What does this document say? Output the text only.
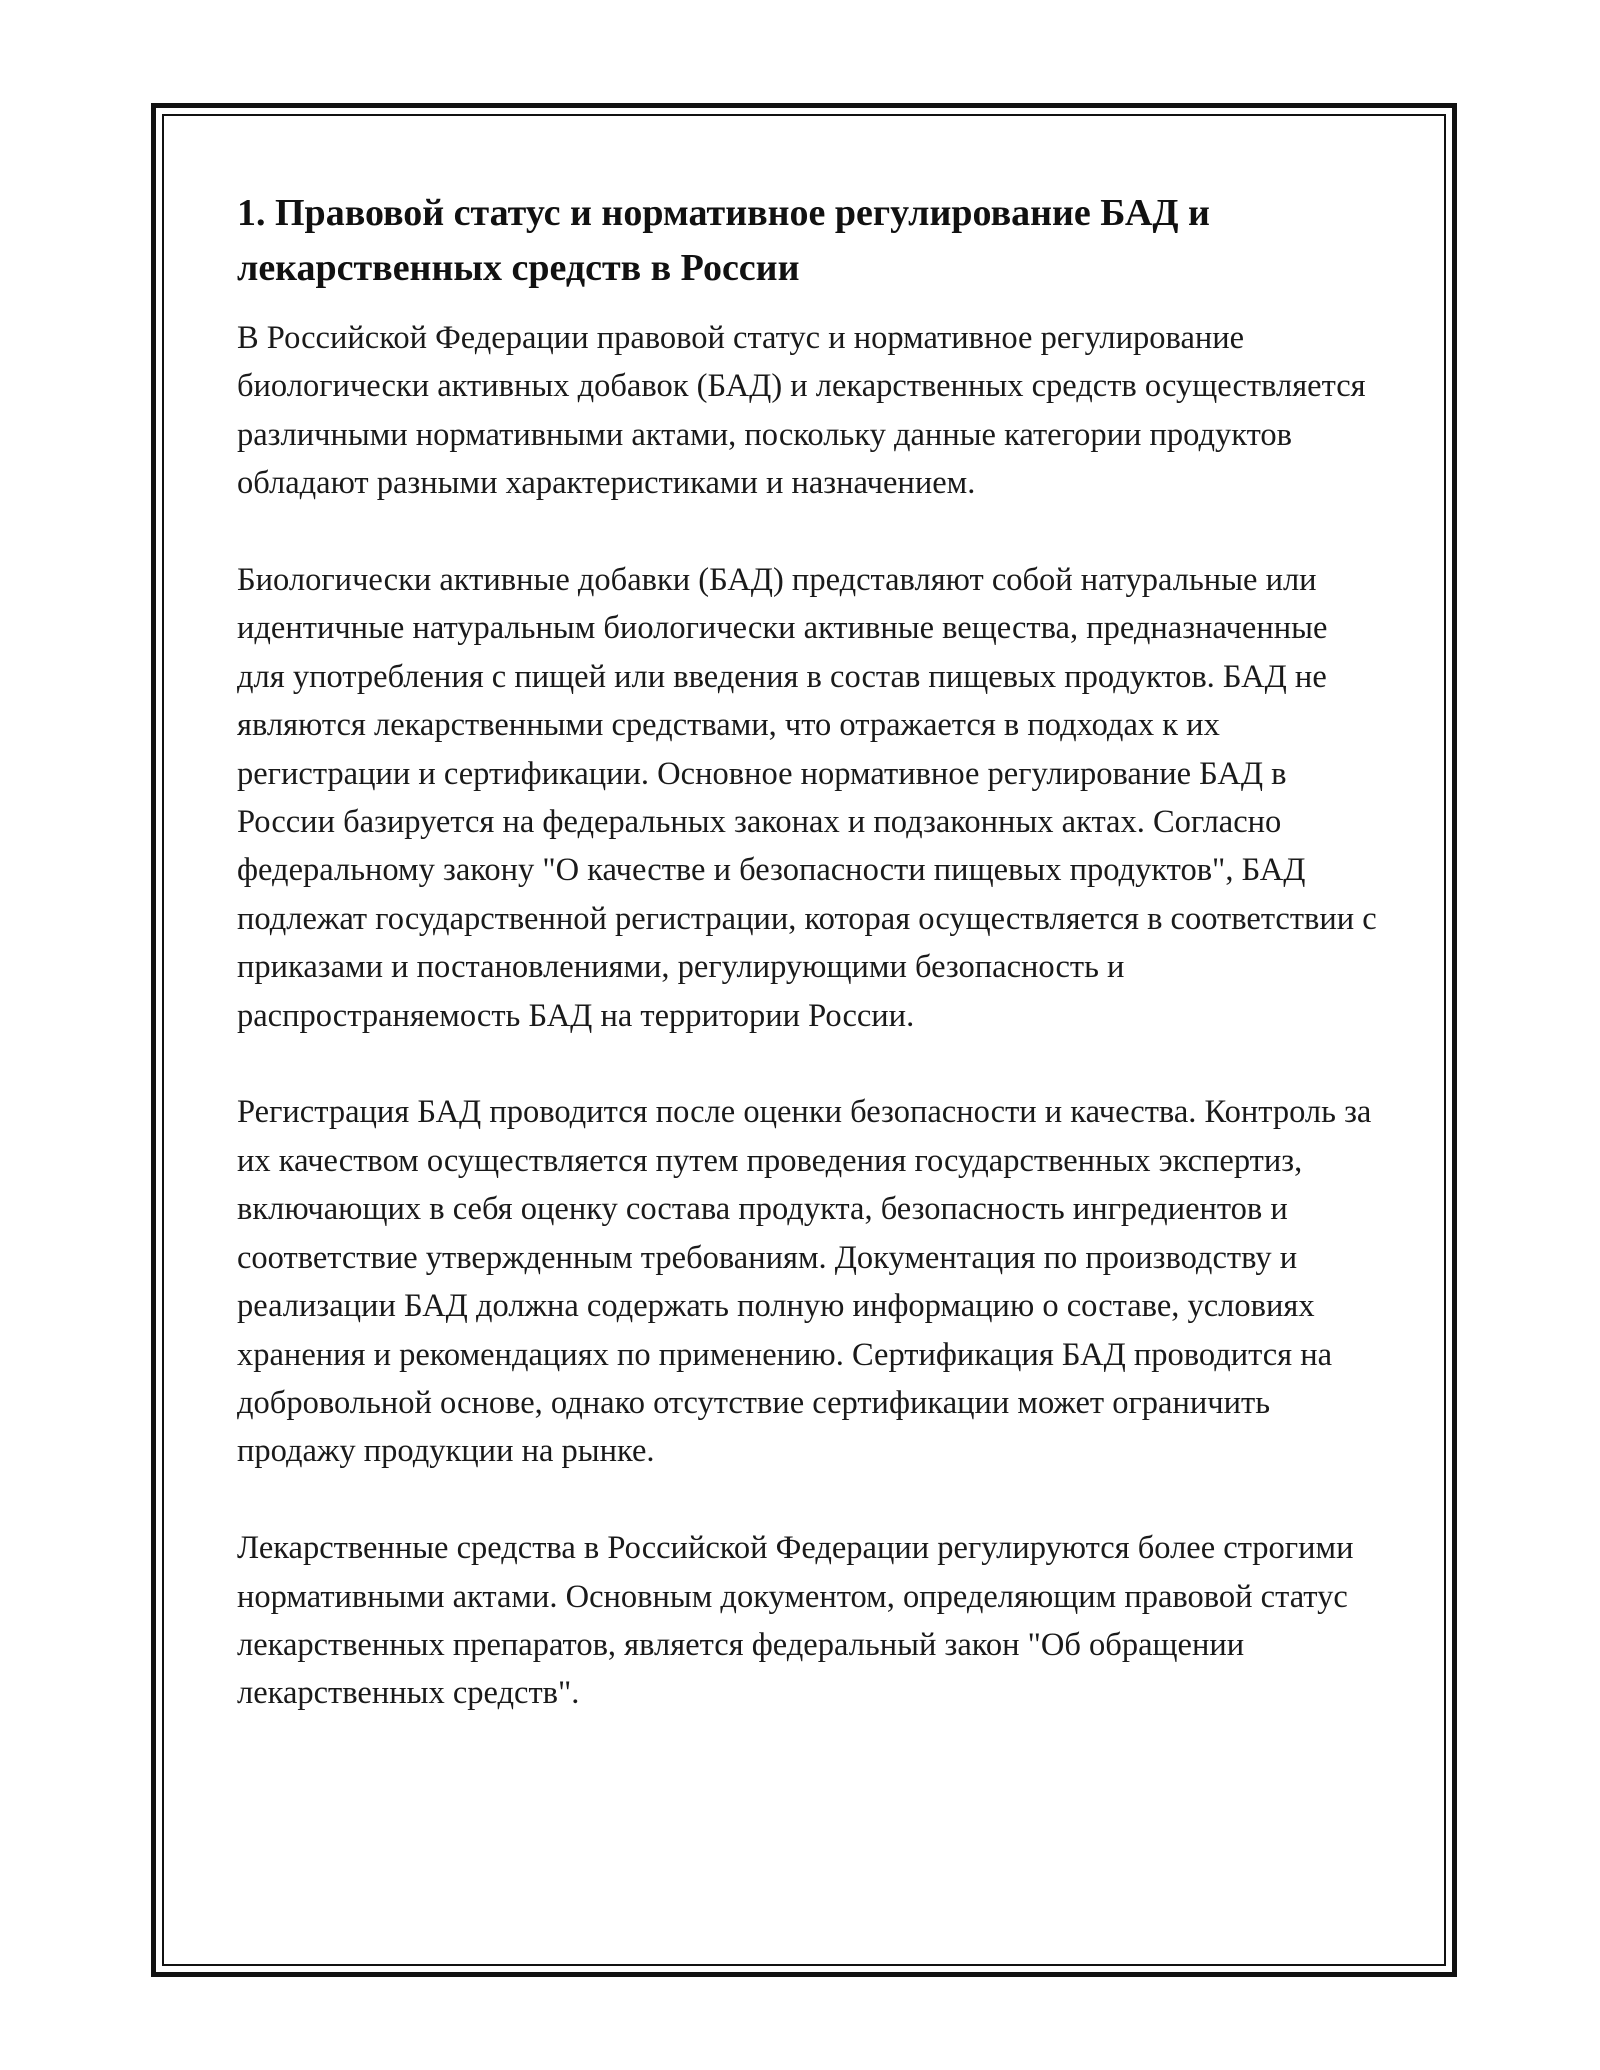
1. Правовой статус и нормативное регулирование БАД и лекарственных средств в России

В Российской Федерации правовой статус и нормативное регулирование биологически активных добавок (БАД) и лекарственных средств осуществляется различными нормативными актами, поскольку данные категории продуктов обладают разными характеристиками и назначением.

Биологически активные добавки (БАД) представляют собой натуральные или идентичные натуральным биологически активные вещества, предназначенные для употребления с пищей или введения в состав пищевых продуктов. БАД не являются лекарственными средствами, что отражается в подходах к их регистрации и сертификации. Основное нормативное регулирование БАД в России базируется на федеральных законах и подзаконных актах. Согласно федеральному закону "О качестве и безопасности пищевых продуктов", БАД подлежат государственной регистрации, которая осуществляется в соответствии с приказами и постановлениями, регулирующими безопасность и распространяемость БАД на территории России.

Регистрация БАД проводится после оценки безопасности и качества. Контроль за их качеством осуществляется путем проведения государственных экспертиз, включающих в себя оценку состава продукта, безопасность ингредиентов и соответствие утвержденным требованиям. Документация по производству и реализации БАД должна содержать полную информацию о составе, условиях хранения и рекомендациях по применению. Сертификация БАД проводится на добровольной основе, однако отсутствие сертификации может ограничить продажу продукции на рынке.

Лекарственные средства в Российской Федерации регулируются более строгими нормативными актами. Основным документом, определяющим правовой статус лекарственных препаратов, является федеральный закон "Об обращении лекарственных средств".
